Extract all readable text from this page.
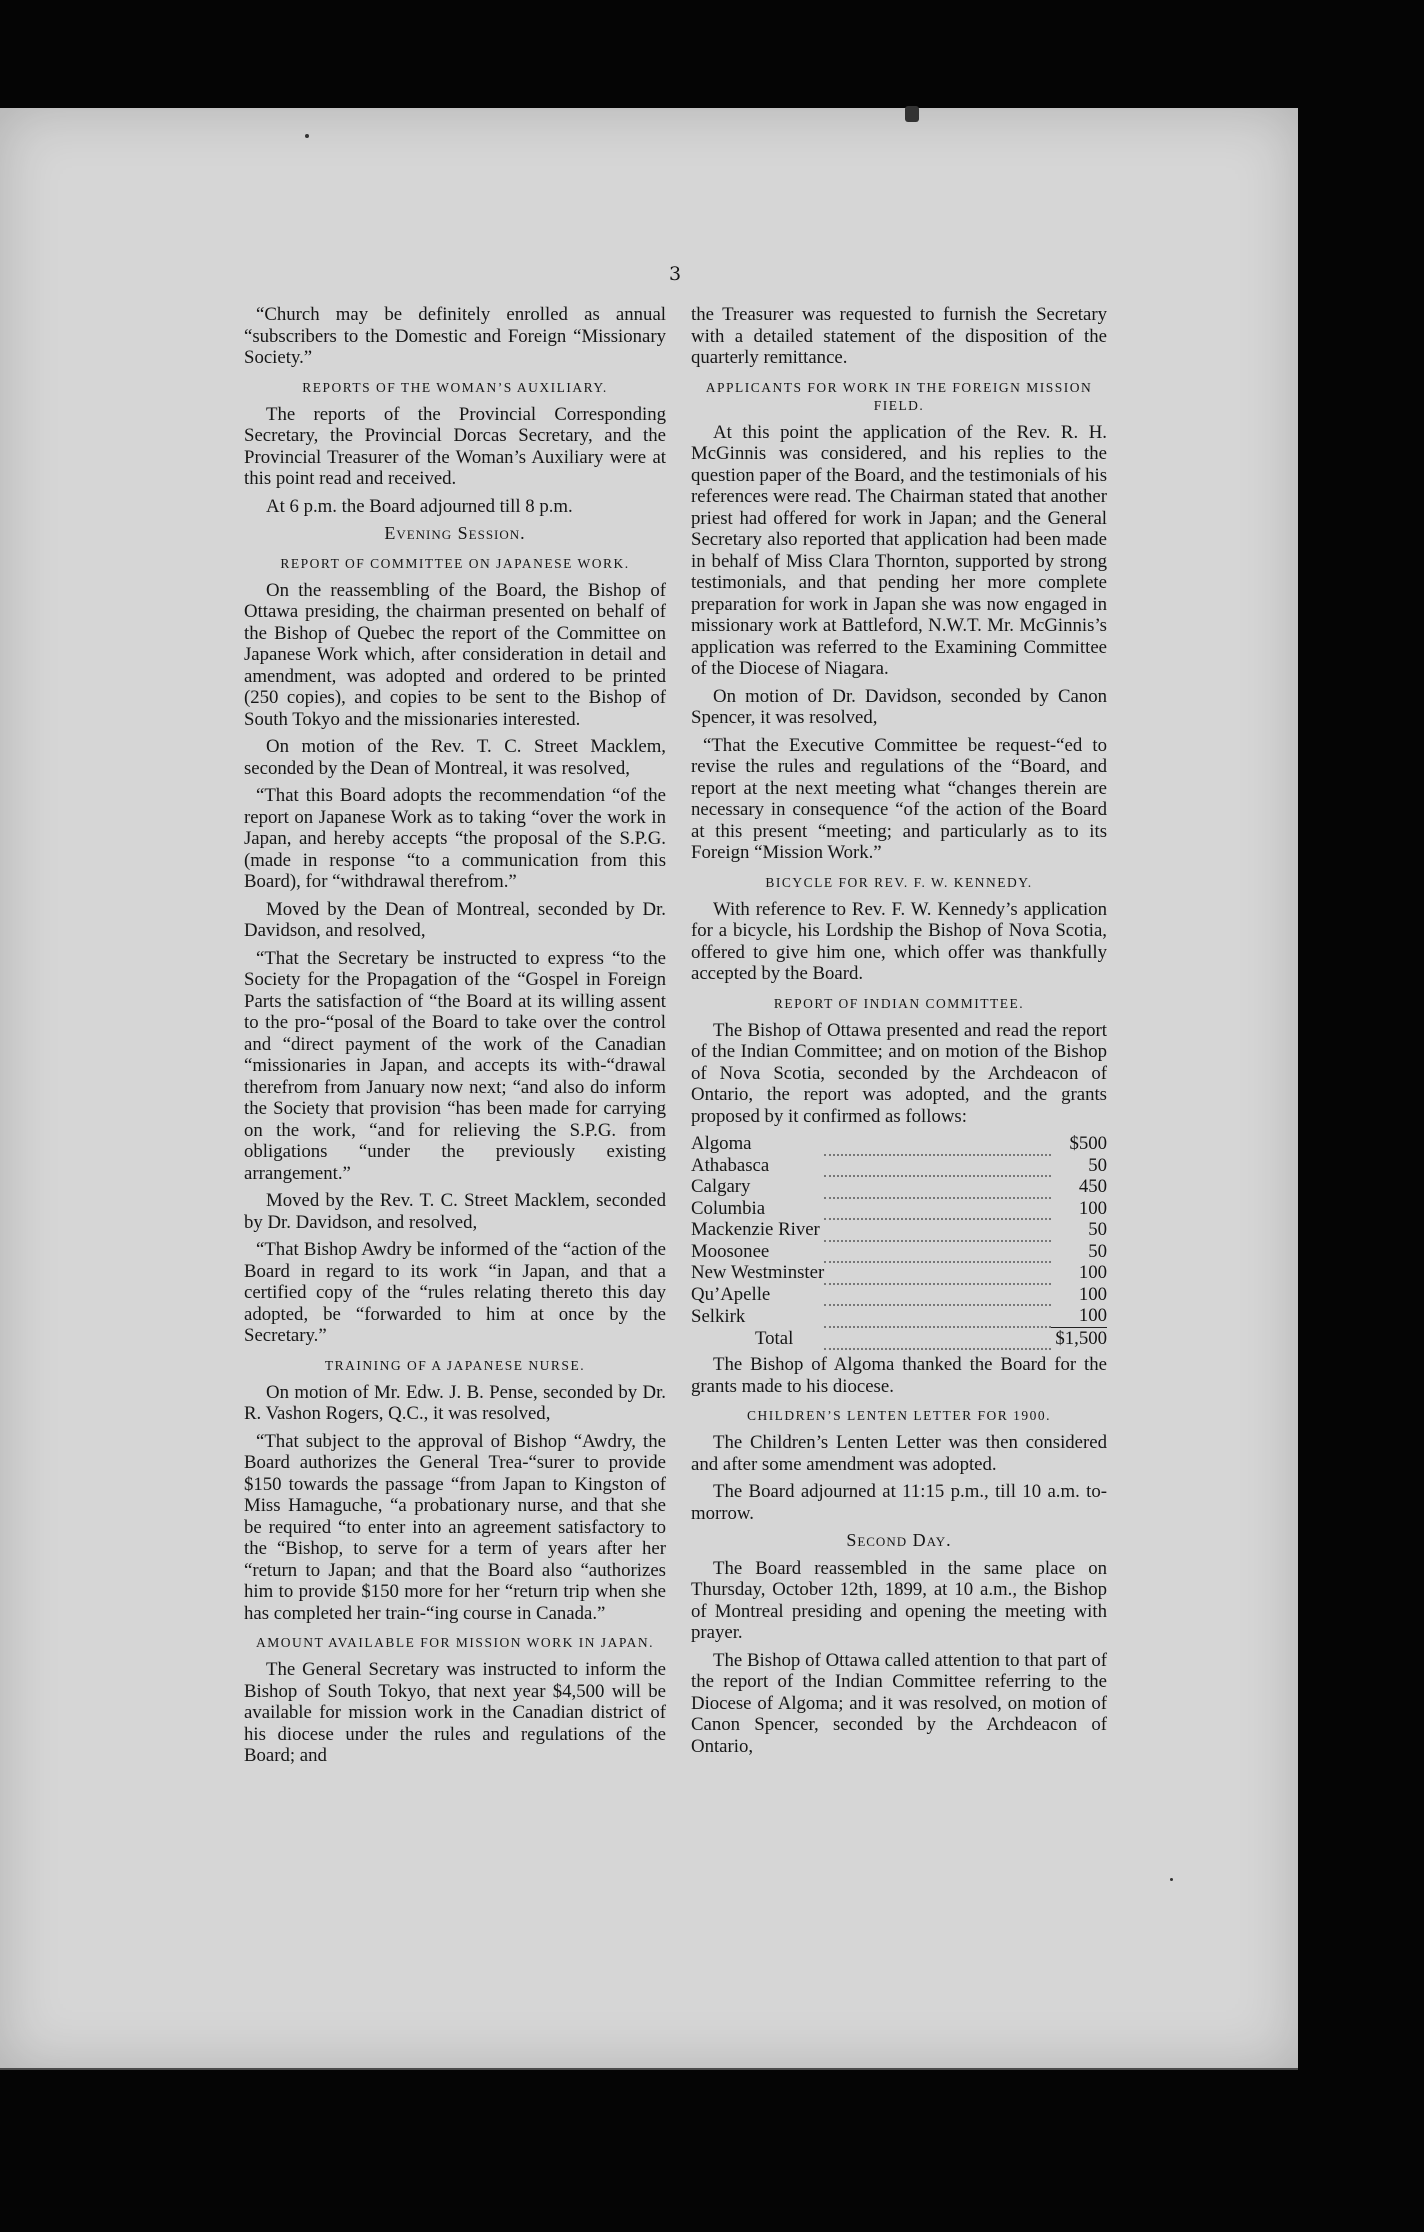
3

“Church may be definitely enrolled as annual “subscribers to the Domestic and Foreign “Missionary Society.”

REPORTS OF THE WOMAN’S AUXILIARY.

The reports of the Provincial Corresponding Secretary, the Provincial Dorcas Secretary, and the Provincial Treasurer of the Woman’s Auxiliary were at this point read and received.

At 6 p.m. the Board adjourned till 8 p.m.

Evening Session.
REPORT OF COMMITTEE ON JAPANESE WORK.

On the reassembling of the Board, the Bishop of Ottawa presiding, the chairman presented on behalf of the Bishop of Quebec the report of the Committee on Japanese Work which, after consideration in detail and amendment, was adopted and ordered to be printed (250 copies), and copies to be sent to the Bishop of South Tokyo and the missionaries interested.

On motion of the Rev. T. C. Street Macklem, seconded by the Dean of Montreal, it was resolved,

“That this Board adopts the recommendation “of the report on Japanese Work as to taking “over the work in Japan, and hereby accepts “the proposal of the S.P.G. (made in response “to a communication from this Board), for “withdrawal therefrom.”

Moved by the Dean of Montreal, seconded by Dr. Davidson, and resolved,

“That the Secretary be instructed to express “to the Society for the Propagation of the “Gospel in Foreign Parts the satisfaction of “the Board at its willing assent to the pro-“posal of the Board to take over the control and “direct payment of the work of the Canadian “missionaries in Japan, and accepts its with-“drawal therefrom from January now next; “and also do inform the Society that provision “has been made for carrying on the work, “and for relieving the S.P.G. from obligations “under the previously existing arrangement.”

Moved by the Rev. T. C. Street Macklem, seconded by Dr. Davidson, and resolved,

“That Bishop Awdry be informed of the “action of the Board in regard to its work “in Japan, and that a certified copy of the “rules relating thereto this day adopted, be “forwarded to him at once by the Secretary.”

TRAINING OF A JAPANESE NURSE.

On motion of Mr. Edw. J. B. Pense, seconded by Dr. R. Vashon Rogers, Q.C., it was resolved,

“That subject to the approval of Bishop “Awdry, the Board authorizes the General Trea-“surer to provide $150 towards the passage “from Japan to Kingston of Miss Hamaguche, “a probationary nurse, and that she be required “to enter into an agreement satisfactory to the “Bishop, to serve for a term of years after her “return to Japan; and that the Board also “authorizes him to provide $150 more for her “return trip when she has completed her train-“ing course in Canada.”

AMOUNT AVAILABLE FOR MISSION WORK IN JAPAN.

The General Secretary was instructed to inform the Bishop of South Tokyo, that next year $4,500 will be available for mission work in the Canadian district of his diocese under the rules and regulations of the Board; and

the Treasurer was requested to furnish the Secretary with a detailed statement of the disposition of the quarterly remittance.

APPLICANTS FOR WORK IN THE FOREIGN MISSION FIELD.

At this point the application of the Rev. R. H. McGinnis was considered, and his replies to the question paper of the Board, and the testimonials of his references were read. The Chairman stated that another priest had offered for work in Japan; and the General Secretary also reported that application had been made in behalf of Miss Clara Thornton, supported by strong testimonials, and that pending her more complete preparation for work in Japan she was now engaged in missionary work at Battleford, N.W.T. Mr. McGinnis’s application was referred to the Examining Committee of the Diocese of Niagara.

On motion of Dr. Davidson, seconded by Canon Spencer, it was resolved,

“That the Executive Committee be request-“ed to revise the rules and regulations of the “Board, and report at the next meeting what “changes therein are necessary in consequence “of the action of the Board at this present “meeting; and particularly as to its Foreign “Mission Work.”

BICYCLE FOR REV. F. W. KENNEDY.

With reference to Rev. F. W. Kennedy’s application for a bicycle, his Lordship the Bishop of Nova Scotia, offered to give him one, which offer was thankfully accepted by the Board.

REPORT OF INDIAN COMMITTEE.

The Bishop of Ottawa presented and read the report of the Indian Committee; and on motion of the Bishop of Nova Scotia, seconded by the Archdeacon of Ontario, the report was adopted, and the grants proposed by it confirmed as follows:

Algoma		$500
Athabasca		50
Calgary		450
Columbia		100
Mackenzie River		50
Moosonee		50
New Westminster		100
Qu’Apelle		100
Selkirk		100
Total		$1,500

The Bishop of Algoma thanked the Board for the grants made to his diocese.

CHILDREN’S LENTEN LETTER FOR 1900.

The Children’s Lenten Letter was then considered and after some amendment was adopted.

The Board adjourned at 11:15 p.m., till 10 a.m. to-morrow.

Second Day.

The Board reassembled in the same place on Thursday, October 12th, 1899, at 10 a.m., the Bishop of Montreal presiding and opening the meeting with prayer.

The Bishop of Ottawa called attention to that part of the report of the Indian Committee referring to the Diocese of Algoma; and it was resolved, on motion of Canon Spencer, seconded by the Archdeacon of Ontario,
